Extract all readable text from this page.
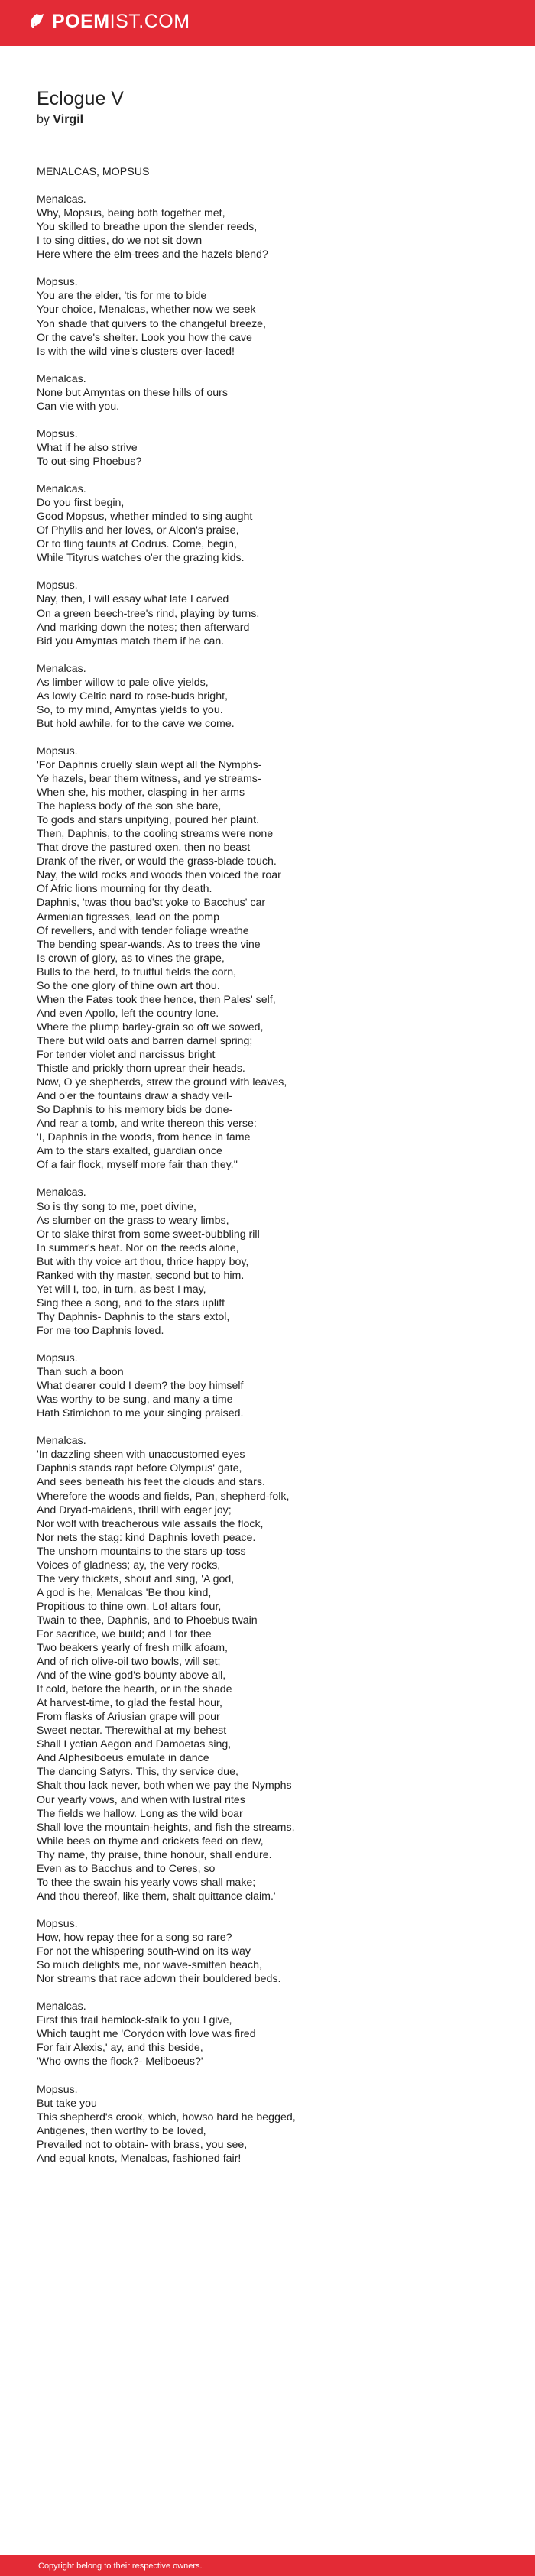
POEMIST.COM
Eclogue V
by Virgil
MENALCAS, MOPSUS
Menalcas.
Why, Mopsus, being both together met,
You skilled to breathe upon the slender reeds,
I to sing ditties, do we not sit down
Here where the elm-trees and the hazels blend?
Mopsus.
You are the elder, 'tis for me to bide
Your choice, Menalcas, whether now we seek
Yon shade that quivers to the changeful breeze,
Or the cave's shelter. Look you how the cave
Is with the wild vine's clusters over-laced!
Menalcas.
None but Amyntas on these hills of ours
Can vie with you.
Mopsus.
What if he also strive
To out-sing Phoebus?
Menalcas.
Do you first begin,
Good Mopsus, whether minded to sing aught
Of Phyllis and her loves, or Alcon's praise,
Or to fling taunts at Codrus. Come, begin,
While Tityrus watches o'er the grazing kids.
Mopsus.
Nay, then, I will essay what late I carved
On a green beech-tree's rind, playing by turns,
And marking down the notes; then afterward
Bid you Amyntas match them if he can.
Menalcas.
As limber willow to pale olive yields,
As lowly Celtic nard to rose-buds bright,
So, to my mind, Amyntas yields to you.
But hold awhile, for to the cave we come.
Mopsus.
'For Daphnis cruelly slain wept all the Nymphs-
Ye hazels, bear them witness, and ye streams-
When she, his mother, clasping in her arms
The hapless body of the son she bare,
To gods and stars unpitying, poured her plaint.
Then, Daphnis, to the cooling streams were none
That drove the pastured oxen, then no beast
Drank of the river, or would the grass-blade touch.
Nay, the wild rocks and woods then voiced the roar
Of Afric lions mourning for thy death.
Daphnis, 'twas thou bad'st yoke to Bacchus' car
Armenian tigresses, lead on the pomp
Of revellers, and with tender foliage wreathe
The bending spear-wands. As to trees the vine
Is crown of glory, as to vines the grape,
Bulls to the herd, to fruitful fields the corn,
So the one glory of thine own art thou.
When the Fates took thee hence, then Pales' self,
And even Apollo, left the country lone.
Where the plump barley-grain so oft we sowed,
There but wild oats and barren darnel spring;
For tender violet and narcissus bright
Thistle and prickly thorn uprear their heads.
Now, O ye shepherds, strew the ground with leaves,
And o'er the fountains draw a shady veil-
So Daphnis to his memory bids be done-
And rear a tomb, and write thereon this verse:
'I, Daphnis in the woods, from hence in fame
Am to the stars exalted, guardian once
Of a fair flock, myself more fair than they.''
Menalcas.
So is thy song to me, poet divine,
As slumber on the grass to weary limbs,
Or to slake thirst from some sweet-bubbling rill
In summer's heat. Nor on the reeds alone,
But with thy voice art thou, thrice happy boy,
Ranked with thy master, second but to him.
Yet will I, too, in turn, as best I may,
Sing thee a song, and to the stars uplift
Thy Daphnis- Daphnis to the stars extol,
For me too Daphnis loved.
Mopsus.
Than such a boon
What dearer could I deem? the boy himself
Was worthy to be sung, and many a time
Hath Stimichon to me your singing praised.
Menalcas.
'In dazzling sheen with unaccustomed eyes
Daphnis stands rapt before Olympus' gate,
And sees beneath his feet the clouds and stars.
Wherefore the woods and fields, Pan, shepherd-folk,
And Dryad-maidens, thrill with eager joy;
Nor wolf with treacherous wile assails the flock,
Nor nets the stag: kind Daphnis loveth peace.
The unshorn mountains to the stars up-toss
Voices of gladness; ay, the very rocks,
The very thickets, shout and sing, 'A god,
A god is he, Menalcas 'Be thou kind,
Propitious to thine own. Lo! altars four,
Twain to thee, Daphnis, and to Phoebus twain
For sacrifice, we build; and I for thee
Two beakers yearly of fresh milk afoam,
And of rich olive-oil two bowls, will set;
And of the wine-god's bounty above all,
If cold, before the hearth, or in the shade
At harvest-time, to glad the festal hour,
From flasks of Ariusian grape will pour
Sweet nectar. Therewithal at my behest
Shall Lyctian Aegon and Damoetas sing,
And Alphesiboeus emulate in dance
The dancing Satyrs. This, thy service due,
Shalt thou lack never, both when we pay the Nymphs
Our yearly vows, and when with lustral rites
The fields we hallow. Long as the wild boar
Shall love the mountain-heights, and fish the streams,
While bees on thyme and crickets feed on dew,
Thy name, thy praise, thine honour, shall endure.
Even as to Bacchus and to Ceres, so
To thee the swain his yearly vows shall make;
And thou thereof, like them, shalt quittance claim.'
Mopsus.
How, how repay thee for a song so rare?
For not the whispering south-wind on its way
So much delights me, nor wave-smitten beach,
Nor streams that race adown their bouldered beds.
Menalcas.
First this frail hemlock-stalk to you I give,
Which taught me 'Corydon with love was fired
For fair Alexis,' ay, and this beside,
'Who owns the flock?- Meliboeus?'
Mopsus.
But take you
This shepherd's crook, which, howso hard he begged,
Antigenes, then worthy to be loved,
Prevailed not to obtain- with brass, you see,
And equal knots, Menalcas, fashioned fair!
Copyright belong to their respective owners.
